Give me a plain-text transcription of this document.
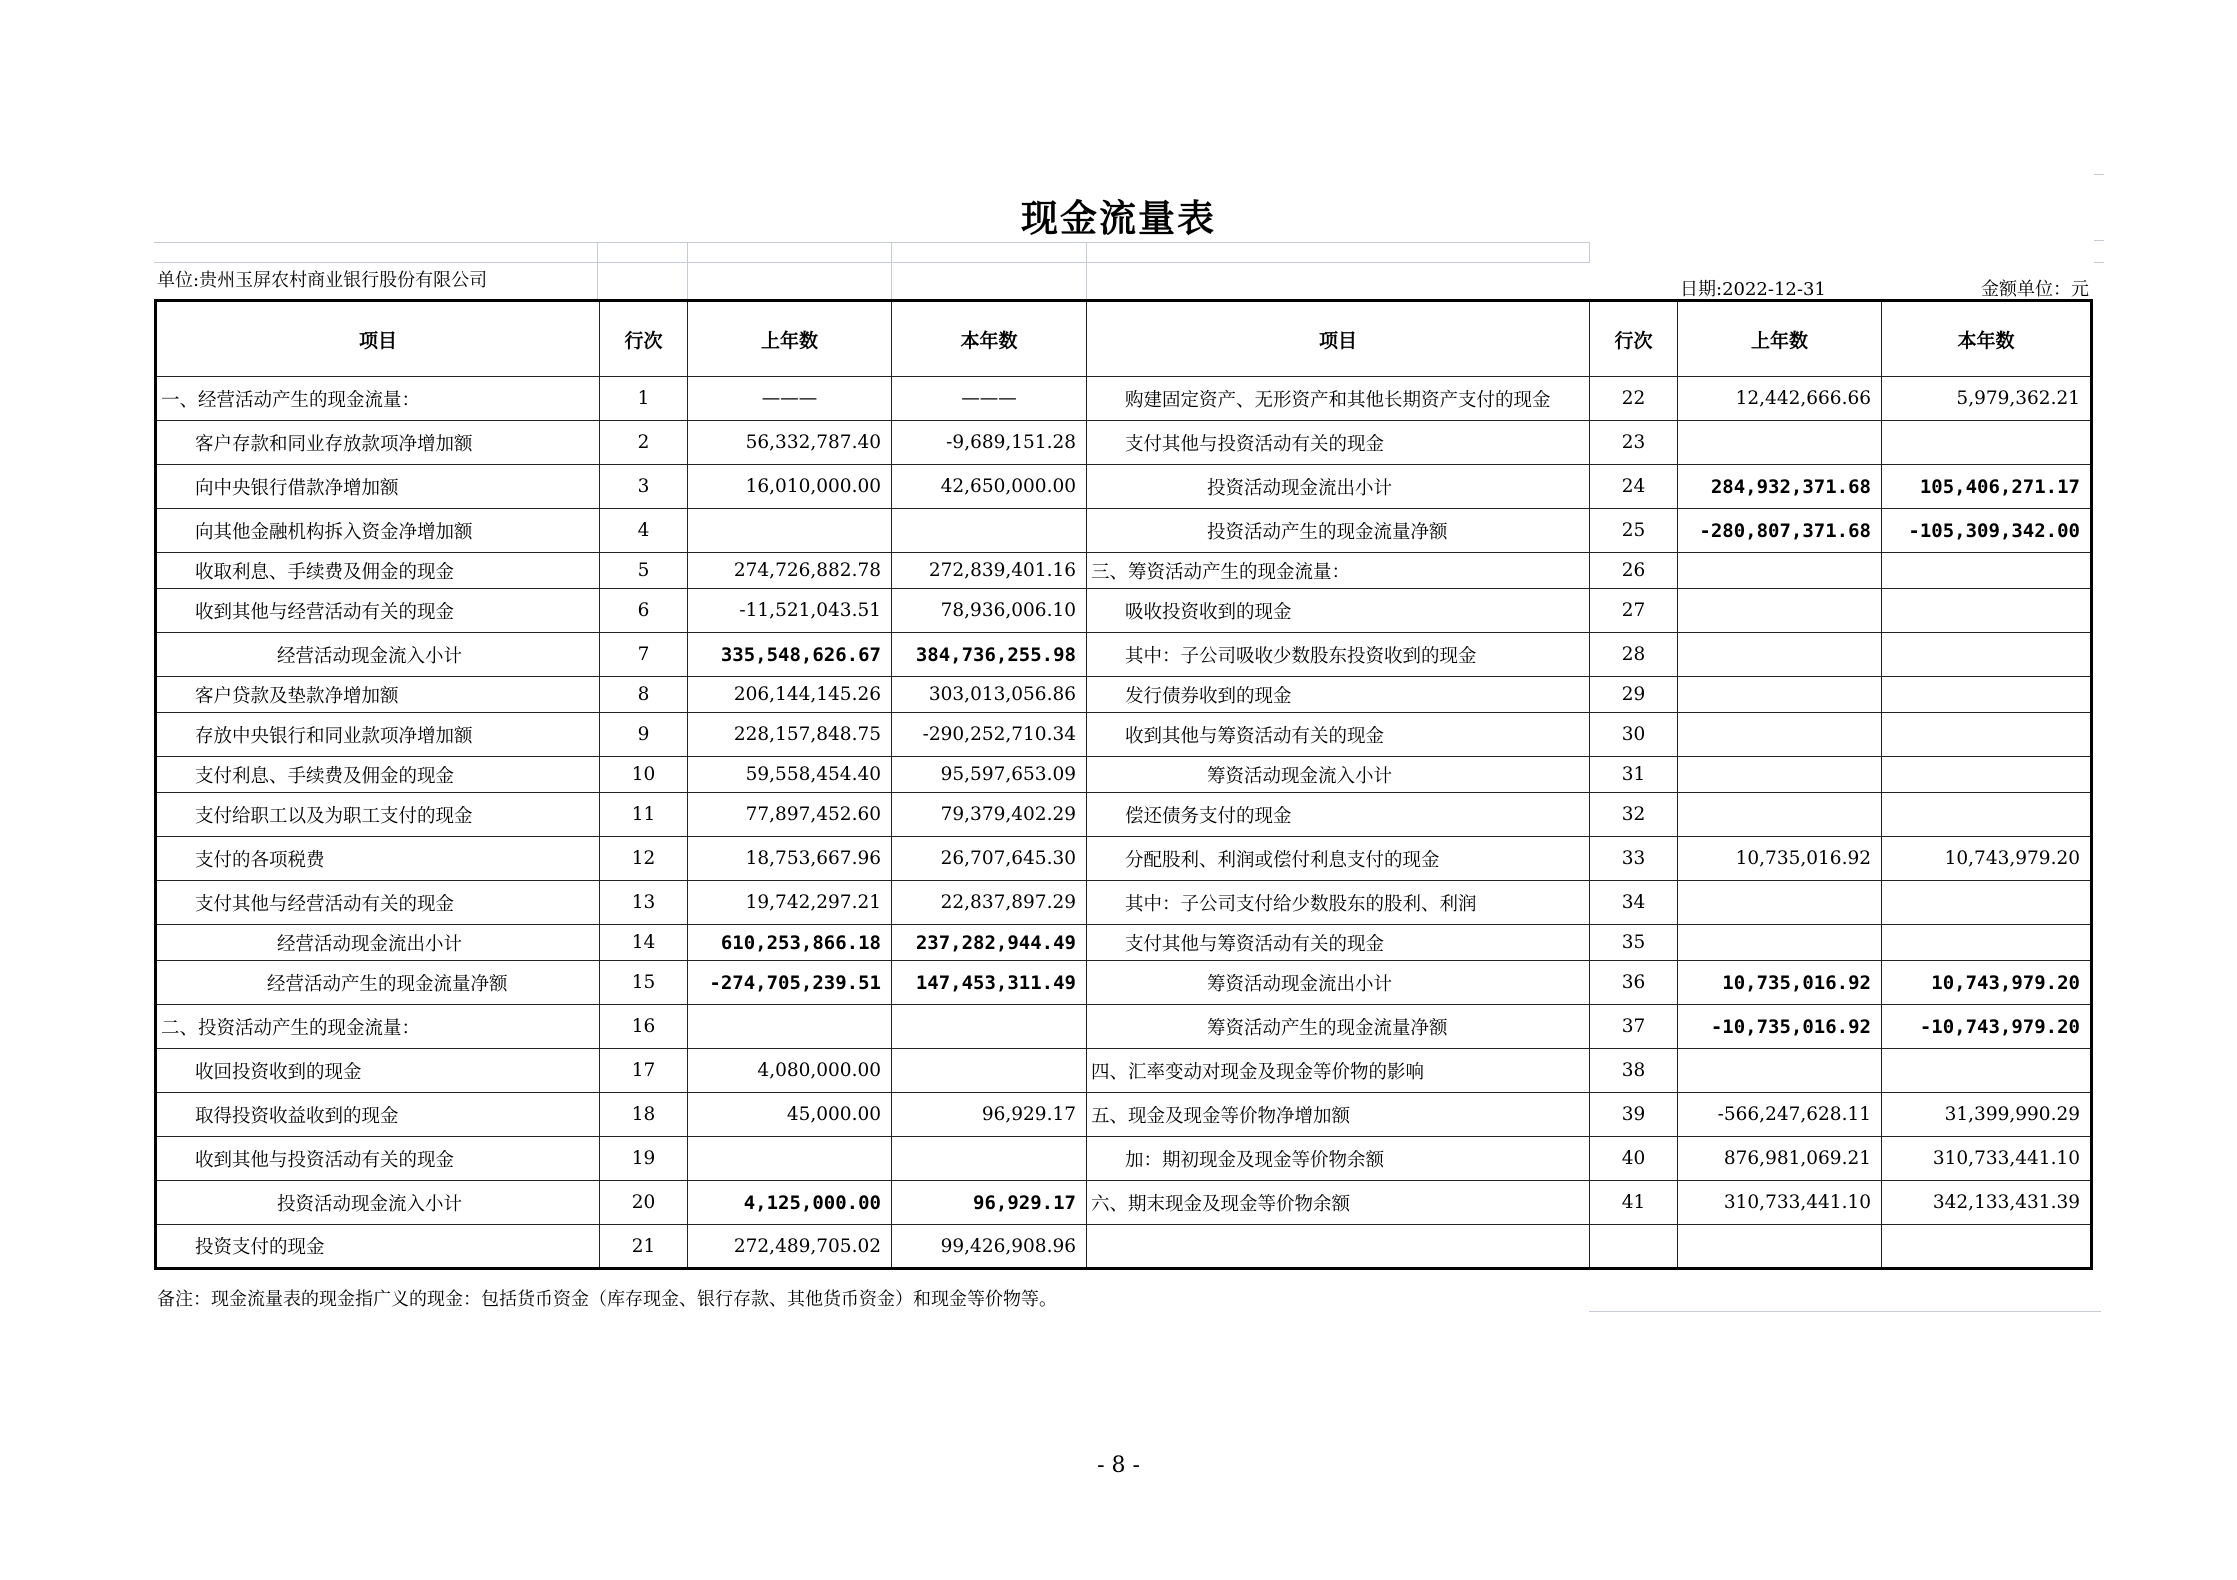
现金流量表
单位:贵州玉屏农村商业银行股份有限公司	日期:2022-12-31	金额单位：元
项目	行次	上年数	本年数	项目	行次	上年数	本年数
一、经营活动产生的现金流量：	1	———	———	购建固定资产、无形资产和其他长期资产支付的现金	22	12,442,666.66	5,979,362.21
客户存款和同业存放款项净增加额	2	56,332,787.40	-9,689,151.28	支付其他与投资活动有关的现金	23		
向中央银行借款净增加额	3	16,010,000.00	42,650,000.00	投资活动现金流出小计	24	284,932,371.68	105,406,271.17
向其他金融机构拆入资金净增加额	4			投资活动产生的现金流量净额	25	-280,807,371.68	-105,309,342.00
收取利息、手续费及佣金的现金	5	274,726,882.78	272,839,401.16	三、筹资活动产生的现金流量：	26		
收到其他与经营活动有关的现金	6	-11,521,043.51	78,936,006.10	吸收投资收到的现金	27		
经营活动现金流入小计	7	335,548,626.67	384,736,255.98	其中：子公司吸收少数股东投资收到的现金	28		
客户贷款及垫款净增加额	8	206,144,145.26	303,013,056.86	发行债券收到的现金	29		
存放中央银行和同业款项净增加额	9	228,157,848.75	-290,252,710.34	收到其他与筹资活动有关的现金	30		
支付利息、手续费及佣金的现金	10	59,558,454.40	95,597,653.09	筹资活动现金流入小计	31		
支付给职工以及为职工支付的现金	11	77,897,452.60	79,379,402.29	偿还债务支付的现金	32		
支付的各项税费	12	18,753,667.96	26,707,645.30	分配股利、利润或偿付利息支付的现金	33	10,735,016.92	10,743,979.20
支付其他与经营活动有关的现金	13	19,742,297.21	22,837,897.29	其中：子公司支付给少数股东的股利、利润	34		
经营活动现金流出小计	14	610,253,866.18	237,282,944.49	支付其他与筹资活动有关的现金	35		
经营活动产生的现金流量净额	15	-274,705,239.51	147,453,311.49	筹资活动现金流出小计	36	10,735,016.92	10,743,979.20
二、投资活动产生的现金流量：	16			筹资活动产生的现金流量净额	37	-10,735,016.92	-10,743,979.20
收回投资收到的现金	17	4,080,000.00		四、汇率变动对现金及现金等价物的影响	38		
取得投资收益收到的现金	18	45,000.00	96,929.17	五、现金及现金等价物净增加额	39	-566,247,628.11	31,399,990.29
收到其他与投资活动有关的现金	19			加：期初现金及现金等价物余额	40	876,981,069.21	310,733,441.10
投资活动现金流入小计	20	4,125,000.00	96,929.17	六、期末现金及现金等价物余额	41	310,733,441.10	342,133,431.39
投资支付的现金	21	272,489,705.02	99,426,908.96				
备注：现金流量表的现金指广义的现金：包括货币资金（库存现金、银行存款、其他货币资金）和现金等价物等。
- 8 -
